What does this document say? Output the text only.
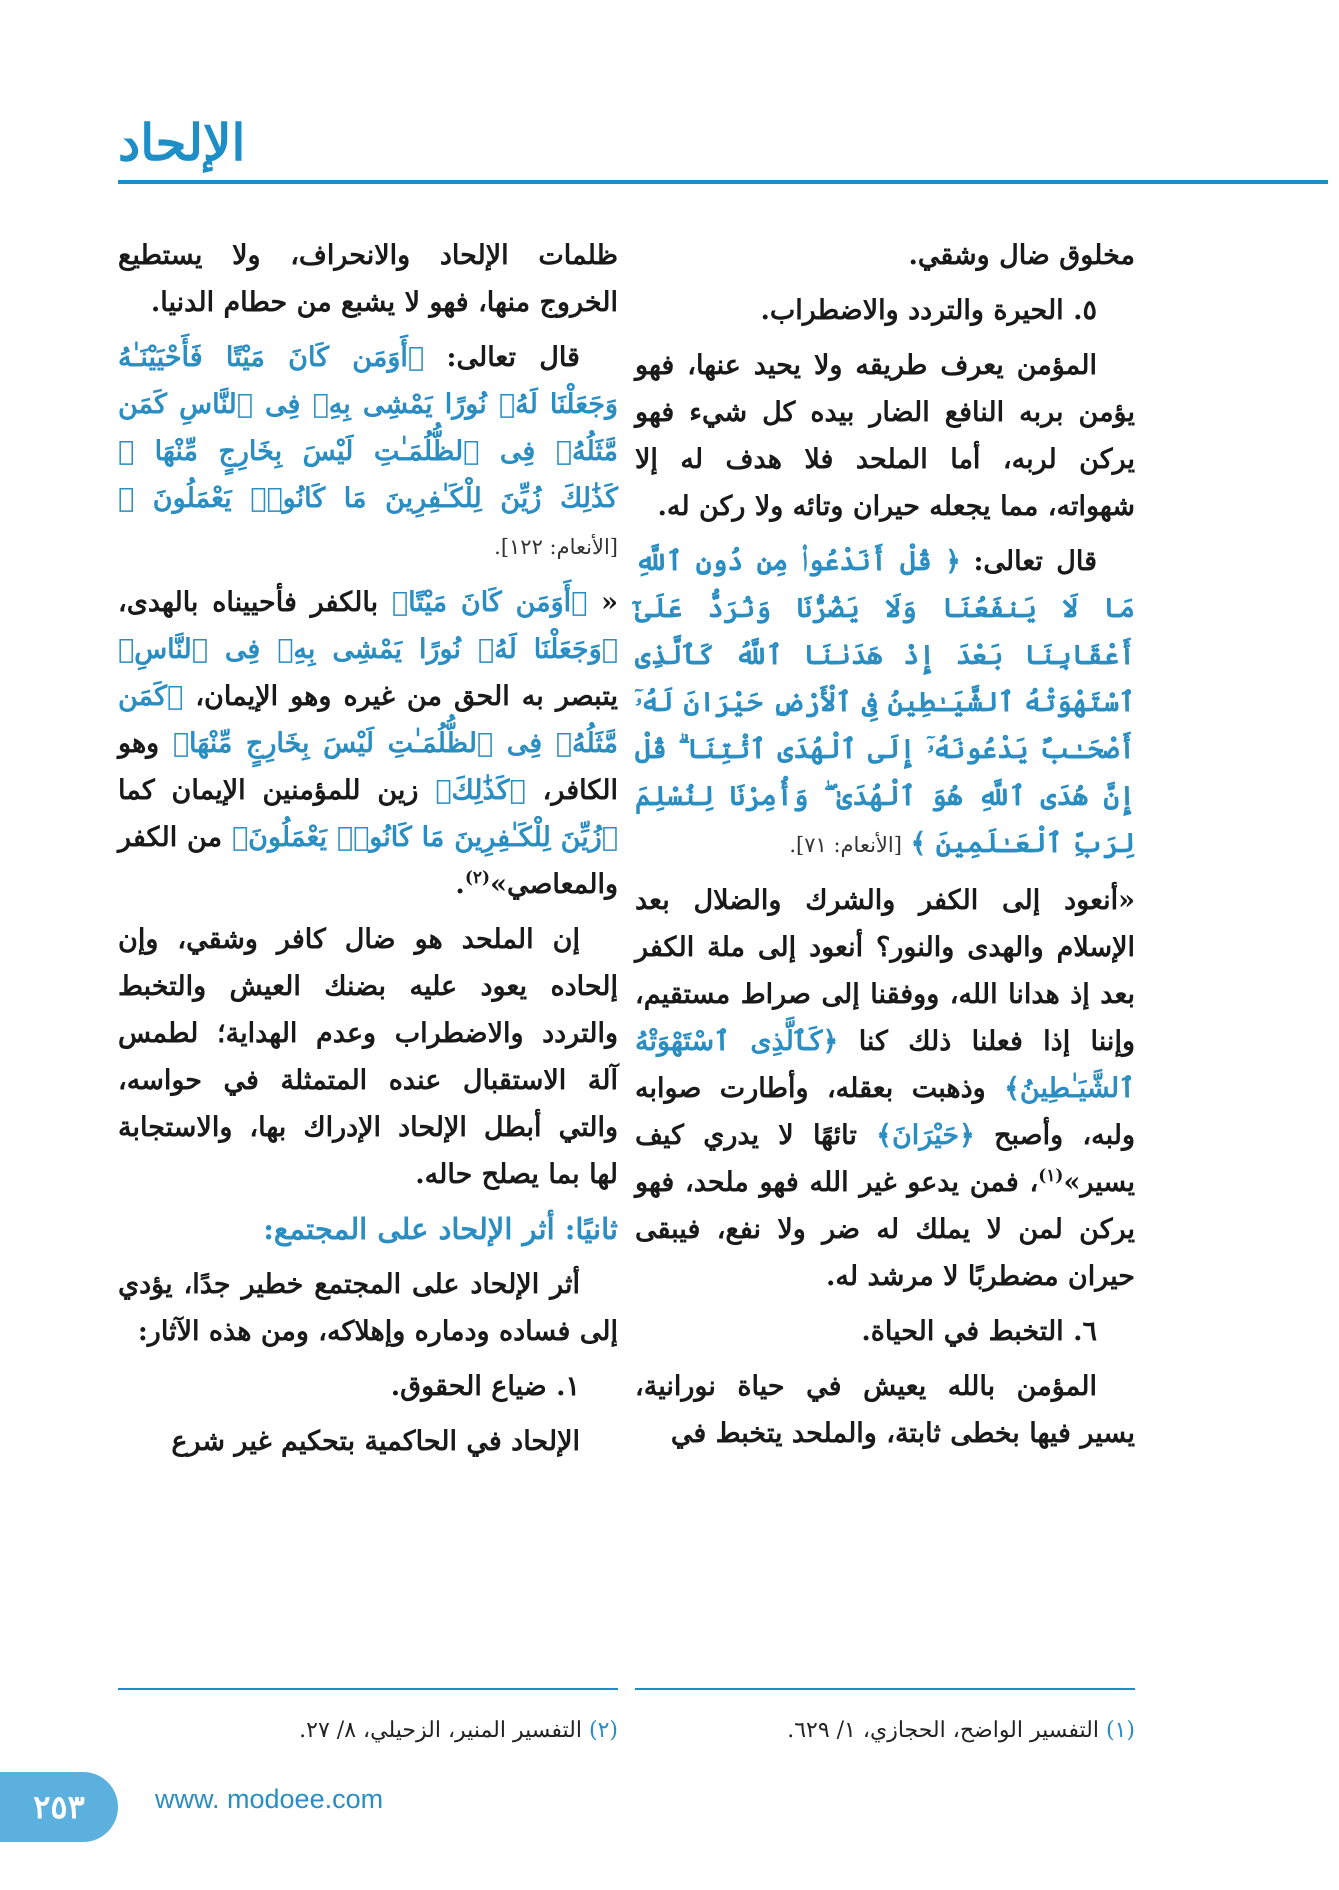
الإلحاد

مخلوق ضال وشقي.

٥. الحيرة والتردد والاضطراب.

المؤمن يعرف طريقه ولا يحيد عنها، فهو يؤمن بربه النافع الضار بيده كل شيء فهو يركن لربه، أما الملحد فلا هدف له إلا شهواته، مما يجعله حيران وتائه ولا ركن له.

قال تعالى: ﴿ قُلْ أَنَدْعُوا۟ مِن دُونِ ٱللَّهِ مَا لَا يَنفَعُنَا وَلَا يَضُرُّنَا وَنُرَدُّ عَلَىٰٓ أَعْقَابِنَا بَعْدَ إِذْ هَدَىٰنَا ٱللَّهُ كَٱلَّذِى ٱسْتَهْوَتْهُ ٱلشَّيَـٰطِينُ فِى ٱلْأَرْضِ حَيْرَانَ لَهُۥٓ أَصْحَـٰبٌ يَدْعُونَهُۥٓ إِلَى ٱلْهُدَى ٱئْتِنَا ۗ قُلْ إِنَّ هُدَى ٱللَّهِ هُوَ ٱلْهُدَىٰ ۖ وَأُمِرْنَا لِنُسْلِمَ لِرَبِّ ٱلْعَـٰلَمِينَ ﴾ [الأنعام: ٧١].

«أنعود إلى الكفر والشرك والضلال بعد الإسلام والهدى والنور؟ أنعود إلى ملة الكفر بعد إذ هدانا الله، ووفقنا إلى صراط مستقيم، وإننا إذا فعلنا ذلك كنا ﴿كَٱلَّذِى ٱسْتَهْوَتْهُ ٱلشَّيَـٰطِينُ﴾ وذهبت بعقله، وأطارت صوابه ولبه، وأصبح ﴿حَيْرَانَ﴾ تائهًا لا يدري كيف يسير»$^{(١)}$، فمن يدعو غير الله فهو ملحد، فهو يركن لمن لا يملك له ضر ولا نفع، فيبقى حيران مضطربًا لا مرشد له.

٦. التخبط في الحياة.

المؤمن بالله يعيش في حياة نورانية، يسير فيها بخطى ثابتة، والملحد يتخبط في

ظلمات الإلحاد والانحراف، ولا يستطيع الخروج منها، فهو لا يشبع من حطام الدنيا.

قال تعالى: ﴿أَوَمَن كَانَ مَيْتًا فَأَحْيَيْنَـٰهُ وَجَعَلْنَا لَهُۥ نُورًا يَمْشِى بِهِۦ فِى ٱلنَّاسِ كَمَن مَّثَلُهُۥ فِى ٱلظُّلُمَـٰتِ لَيْسَ بِخَارِجٍ مِّنْهَا ۚ كَذَٰلِكَ زُيِّنَ لِلْكَـٰفِرِينَ مَا كَانُوا۟ يَعْمَلُونَ ﴾ [الأنعام: ١٢٢].

« ﴿أَوَمَن كَانَ مَيْتًا﴾ بالكفر فأحييناه بالهدى، ﴿وَجَعَلْنَا لَهُۥ نُورًا يَمْشِى بِهِۦ فِى ٱلنَّاسِ﴾ يتبصر به الحق من غيره وهو الإيمان، ﴿كَمَن مَّثَلُهُۥ فِى ٱلظُّلُمَـٰتِ لَيْسَ بِخَارِجٍ مِّنْهَا﴾ وهو الكافر، ﴿كَذَٰلِكَ﴾ زين للمؤمنين الإيمان كما ﴿زُيِّنَ لِلْكَـٰفِرِينَ مَا كَانُوا۟ يَعْمَلُونَ﴾ من الكفر والمعاصي»$^{(٢)}$.

إن الملحد هو ضال كافر وشقي، وإن إلحاده يعود عليه بضنك العيش والتخبط والتردد والاضطراب وعدم الهداية؛ لطمس آلة الاستقبال عنده المتمثلة في حواسه، والتي أبطل الإلحاد الإدراك بها، والاستجابة لها بما يصلح حاله.

ثانيًا: أثر الإلحاد على المجتمع:

أثر الإلحاد على المجتمع خطير جدًا، يؤدي إلى فساده ودماره وإهلاكه، ومن هذه الآثار:

١. ضياع الحقوق.

الإلحاد في الحاكمية بتحكيم غير شرع

(١) التفسير الواضح، الحجازي، ١/ ٦٢٩.
(٢) التفسير المنير، الزحيلي، ٨/ ٢٧.
٢٥٣	www. modoee.com
